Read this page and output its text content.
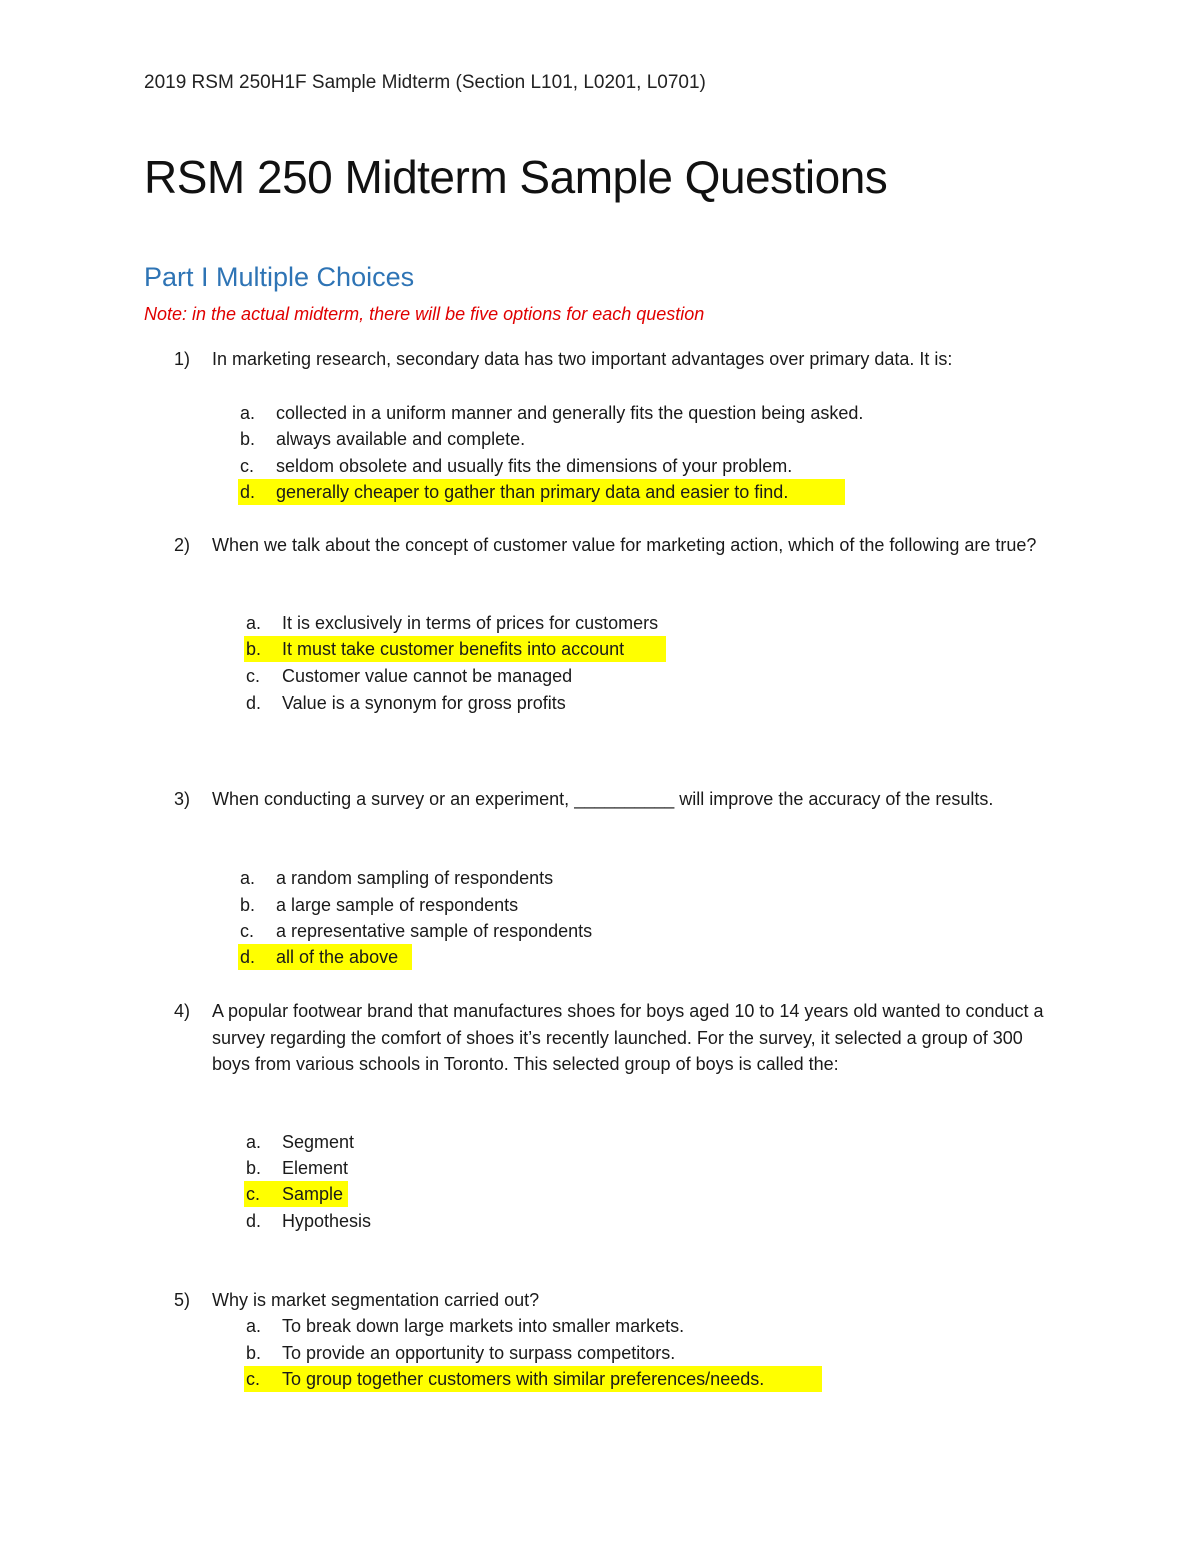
2019 RSM 250H1F Sample Midterm (Section L101, L0201, L0701)
RSM 250 Midterm Sample Questions
Part I Multiple Choices
Note: in the actual midterm, there will be five options for each question
1)	In marketing research, secondary data has two important advantages over primary data. It is:
a. collected in a uniform manner and generally fits the question being asked.
b. always available and complete.
c. seldom obsolete and usually fits the dimensions of your problem.
d. generally cheaper to gather than primary data and easier to find.
2)	When we talk about the concept of customer value for marketing action, which of the following are true?
a. It is exclusively in terms of prices for customers
b. It must take customer benefits into account
c. Customer value cannot be managed
d. Value is a synonym for gross profits
3)	When conducting a survey or an experiment, __________ will improve the accuracy of the results.
a. a random sampling of respondents
b. a large sample of respondents
c. a representative sample of respondents
d. all of the above
4)	A popular footwear brand that manufactures shoes for boys aged 10 to 14 years old wanted to conduct a survey regarding the comfort of shoes it’s recently launched. For the survey, it selected a group of 300 boys from various schools in Toronto. This selected group of boys is called the:
a. Segment
b. Element
c. Sample
d. Hypothesis
5)	Why is market segmentation carried out?
a. To break down large markets into smaller markets.
b. To provide an opportunity to surpass competitors.
c. To group together customers with similar preferences/needs.
